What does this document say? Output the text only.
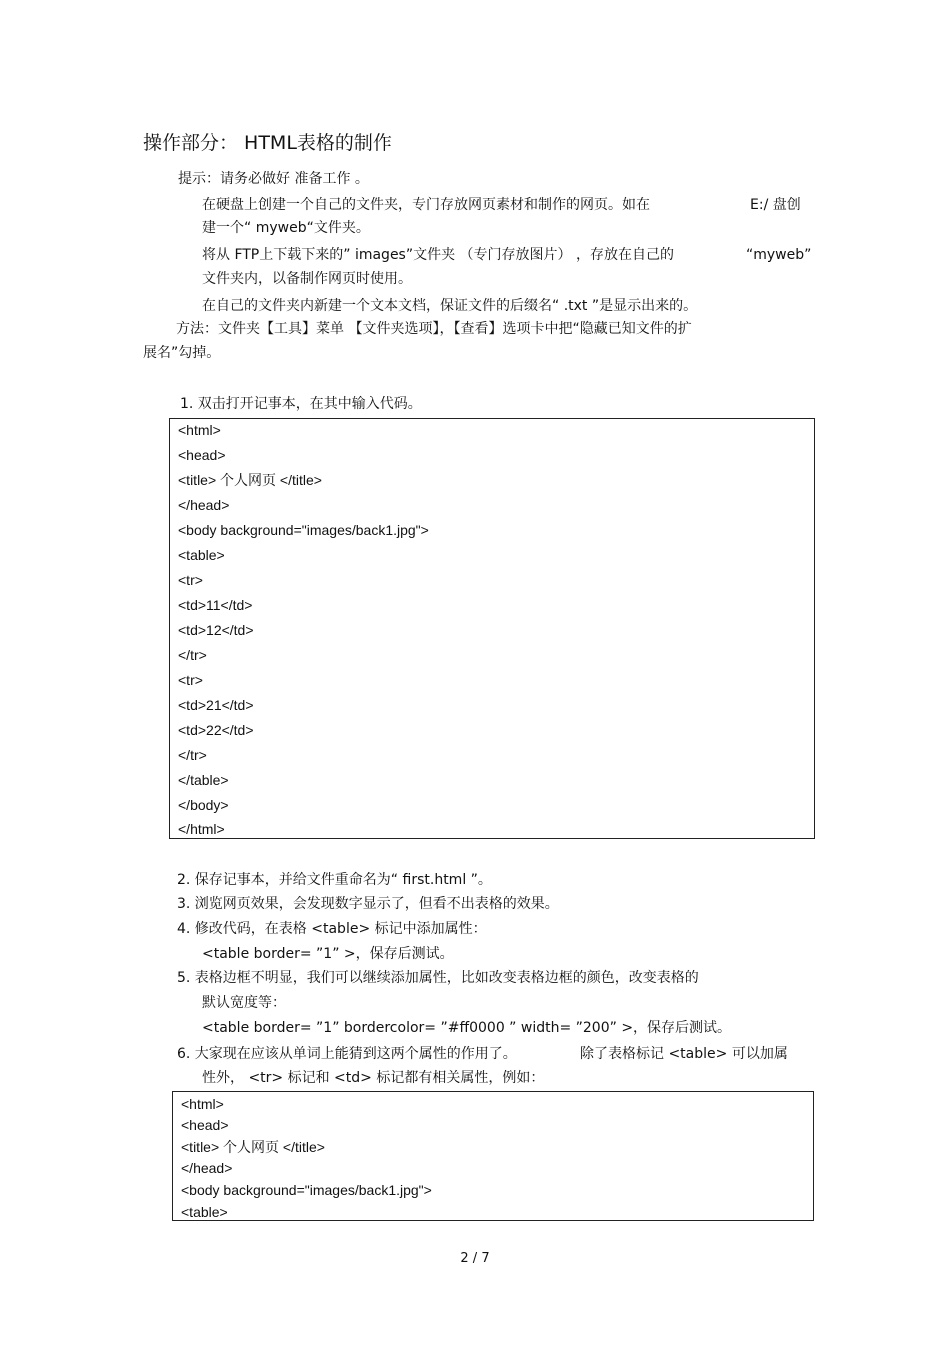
操作部分： HTML表格的制作
提示：请务必做好 准备工作 。
在硬盘上创建一个自己的文件夹，专门存放网页素材和制作的网页。如在	E:/ 盘创
建一个“ myweb“文件夹。
将从 FTP上下载下来的” images”文件夹 （专门存放图片） ，存放在自己的	“myweb”
文件夹内，以备制作网页时使用。
在自己的文件夹内新建一个文本文档，保证文件的后缀名“ .txt ”是显示出来的。
方法：文件夹【工具】菜单 【文件夹选项】，【查看】选项卡中把“隐藏已知文件的扩
展名”勾掉。
1. 双击打开记事本，在其中输入代码。
<html>
<head>
<title> 个人网页 </title>
</head>
<body background="images/back1.jpg">
<table>
<tr>
<td>11</td>
<td>12</td>
</tr>
<tr>
<td>21</td>
<td>22</td>
</tr>
</table>
</body>
</html>
2. 保存记事本，并给文件重命名为“ first.html ”。
3. 浏览网页效果，会发现数字显示了，但看不出表格的效果。
4. 修改代码，在表格 <table> 标记中添加属性：
<table border= ”1” >，保存后测试。
5. 表格边框不明显，我们可以继续添加属性，比如改变表格边框的颜色，改变表格的
默认宽度等：
<table border= ”1” bordercolor= ”#ff0000 ” width= ”200” >，保存后测试。
6. 大家现在应该从单词上能猜到这两个属性的作用了。	除了表格标记 <table> 可以加属
性外， <tr> 标记和 <td> 标记都有相关属性，例如：
<html>
<head>
<title> 个人网页 </title>
</head>
<body background="images/back1.jpg">
<table>
2 / 7
